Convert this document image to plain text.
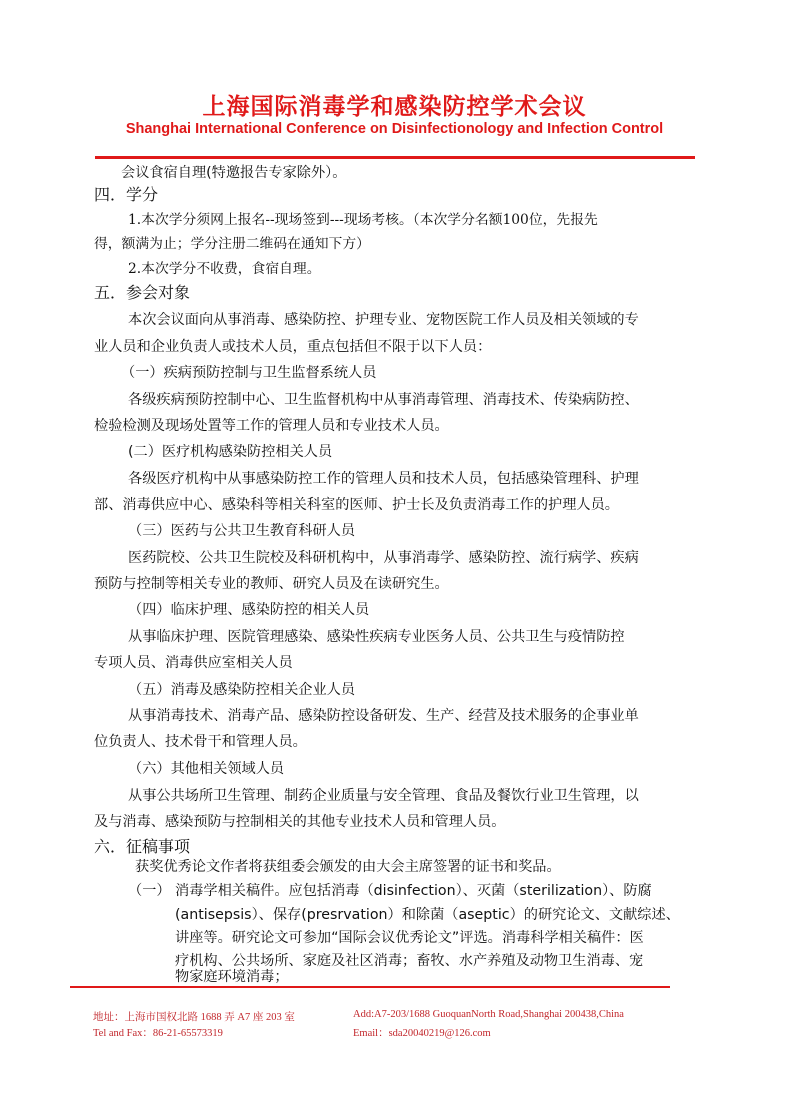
上海国际消毒学和感染防控学术会议
Shanghai International Conference on Disinfectionology and Infection Control
会议食宿自理(特邀报告专家除外）。
四．学分
1.本次学分须网上报名--现场签到---现场考核。（本次学分名额100位，先报先
得，额满为止；学分注册二维码在通知下方）
2.本次学分不收费，食宿自理。
五．参会对象
本次会议面向从事消毒、感染防控、护理专业、宠物医院工作人员及相关领域的专
业人员和企业负责人或技术人员，重点包括但不限于以下人员：
（一）疾病预防控制与卫生监督系统人员
各级疾病预防控制中心、卫生监督机构中从事消毒管理、消毒技术、传染病防控、
检验检测及现场处置等工作的管理人员和专业技术人员。
(二）医疗机构感染防控相关人员
各级医疗机构中从事感染防控工作的管理人员和技术人员，包括感染管理科、护理
部、消毒供应中心、感染科等相关科室的医师、护士长及负责消毒工作的护理人员。
（三）医药与公共卫生教育科研人员
医药院校、公共卫生院校及科研机构中，从事消毒学、感染防控、流行病学、疾病
预防与控制等相关专业的教师、研究人员及在读研究生。
（四）临床护理、感染防控的相关人员
从事临床护理、医院管理感染、感染性疾病专业医务人员、公共卫生与疫情防控
专项人员、消毒供应室相关人员
（五）消毒及感染防控相关企业人员
从事消毒技术、消毒产品、感染防控设备研发、生产、经营及技术服务的企事业单
位负责人、技术骨干和管理人员。
（六）其他相关领域人员
从事公共场所卫生管理、制药企业质量与安全管理、食品及餐饮行业卫生管理，以
及与消毒、感染预防与控制相关的其他专业技术人员和管理人员。
六．征稿事项
获奖优秀论文作者将获组委会颁发的由大会主席签署的证书和奖品。
（一） 消毒学相关稿件。应包括消毒（disinfection）、灭菌（sterilization）、防腐
(antisepsis）、保存(presrvation）和除菌（aseptic）的研究论文、文献综述、
讲座等。研究论文可参加“国际会议优秀论文”评选。消毒科学相关稿件：医
疗机构、公共场所、家庭及社区消毒；畜牧、水产养殖及动物卫生消毒、宠
物家庭环境消毒；
地址：上海市国权北路 1688 弄 A7 座 203 室	Add:A7-203/1688 GuoquanNorth Road,Shanghai 200438,China
Tel and Fax：86-21-65573319	Email：sda20040219@126.com
